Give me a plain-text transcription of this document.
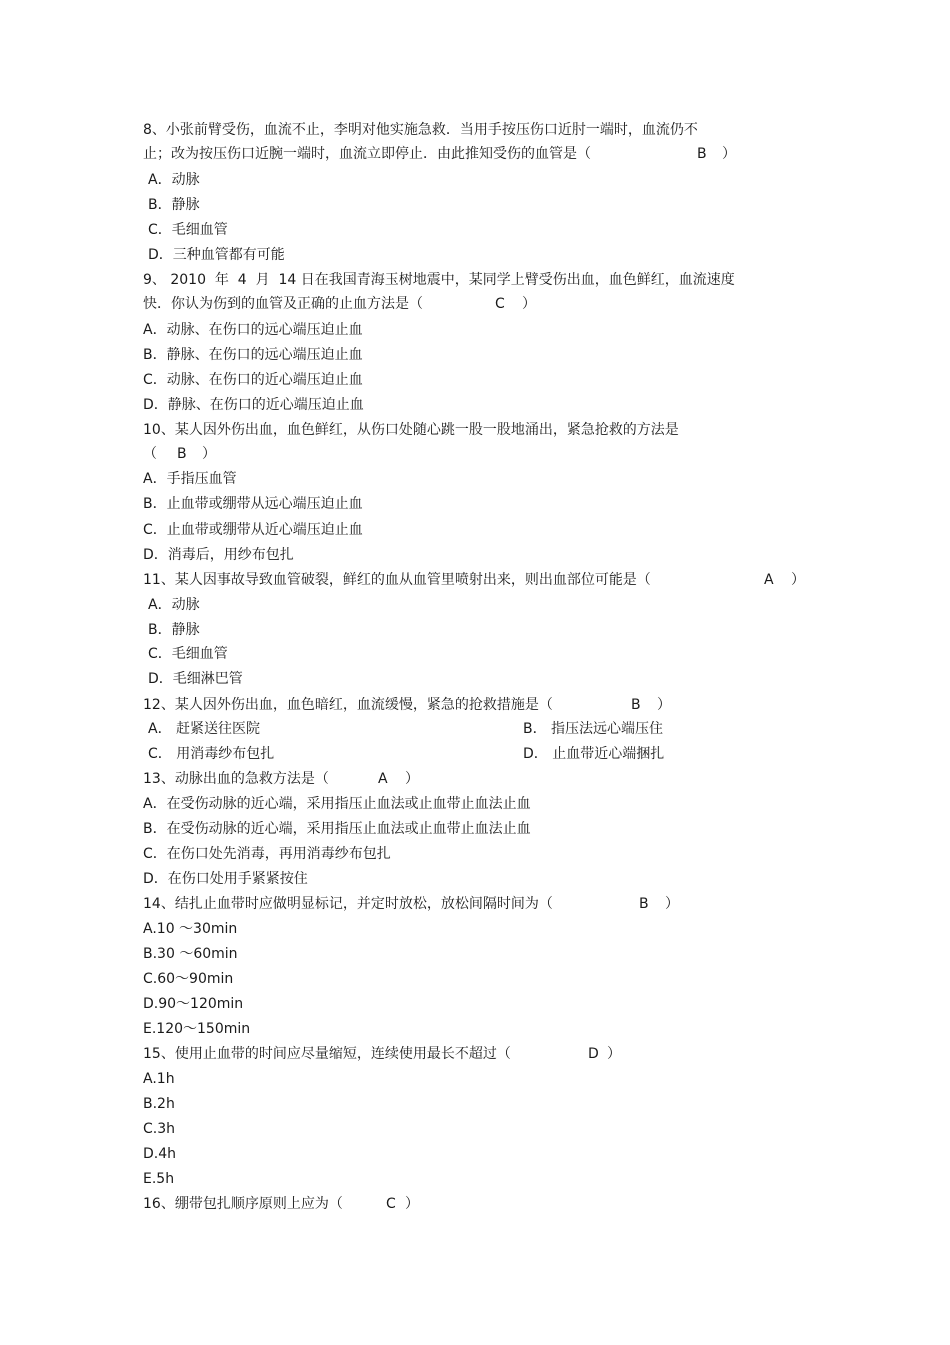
8、小张前臂受伤，血流不止，李明对他实施急救．当用手按压伤口近肘一端时，血流仍不
止；改为按压伤口近腕一端时，血流立即停止．由此推知受伤的血管是（	B ）
A．动脉
B．静脉
C．毛细血管
D．三种血管都有可能
9、 2010  年  4  月  14 日在我国青海玉树地震中，某同学上臂受伤出血，血色鲜红，血流速度
快．你认为伤到的血管及正确的止血方法是（	C ）
A．动脉、在伤口的远心端压迫止血
B．静脉、在伤口的远心端压迫止血
C．动脉、在伤口的近心端压迫止血
D．静脉、在伤口的近心端压迫止血
10、某人因外伤出血，血色鲜红，从伤口处随心跳一股一股地涌出，紧急抢救的方法是
（ B ）
A．手指压血管
B．止血带或绷带从远心端压迫止血
C．止血带或绷带从近心端压迫止血
D．消毒后，用纱布包扎
11、某人因事故导致血管破裂，鲜红的血从血管里喷射出来，则出血部位可能是（	A ）
A．动脉
B．静脉
C．毛细血管
D．毛细淋巴管
12、某人因外伤出血，血色暗红，血流缓慢，紧急的抢救措施是（	B ）
A． 赶紧送往医院	B． 指压法远心端压住
C． 用消毒纱布包扎	D． 止血带近心端捆扎
13、动脉出血的急救方法是（	A ）
A．在受伤动脉的近心端，采用指压止血法或止血带止血法止血
B．在受伤动脉的近心端，采用指压止血法或止血带止血法止血
C．在伤口处先消毒，再用消毒纱布包扎
D．在伤口处用手紧紧按住
14、结扎止血带时应做明显标记，并定时放松，放松间隔时间为（	B ）
A.10 ～30min
B.30 ～60min
C.60～90min
D.90～120min
E.120～150min
15、使用止血带的时间应尽量缩短，连续使用最长不超过（	D ）
A.1h
B.2h
C.3h
D.4h
E.5h
16、绷带包扎顺序原则上应为（	C ）
